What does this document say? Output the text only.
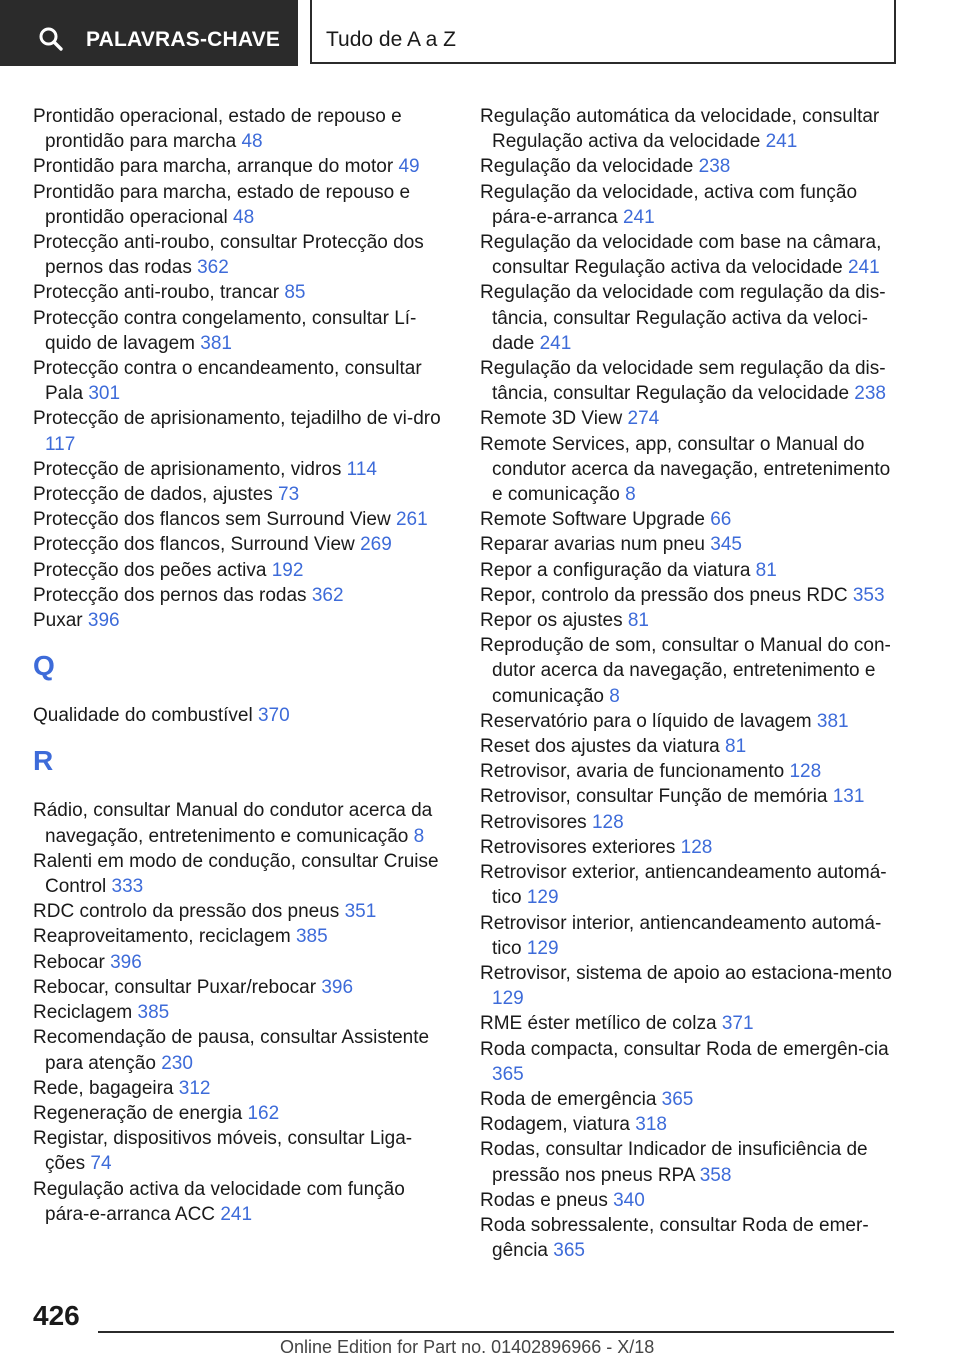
PALAVRAS-CHAVE Tudo de A a Z
Prontidão operacional, estado de repouso e prontidão para marcha 48
Prontidão para marcha, arranque do motor 49
Prontidão para marcha, estado de repouso e prontidão operacional 48
Protecção anti-roubo, consultar Protecção dos pernos das rodas 362
Protecção anti-roubo, trancar 85
Protecção contra congelamento, consultar Lí-quido de lavagem 381
Protecção contra o encandeamento, consultar Pala 301
Protecção de aprisionamento, tejadilho de vi-dro 117
Protecção de aprisionamento, vidros 114
Protecção de dados, ajustes 73
Protecção dos flancos sem Surround View 261
Protecção dos flancos, Surround View 269
Protecção dos peões activa 192
Protecção dos pernos das rodas 362
Puxar 396
Q
Qualidade do combustível 370
R
Rádio, consultar Manual do condutor acerca da navegação, entretenimento e comunicação 8
Ralenti em modo de condução, consultar Cruise Control 333
RDC controlo da pressão dos pneus 351
Reaproveitamento, reciclagem 385
Rebocar 396
Rebocar, consultar Puxar/rebocar 396
Reciclagem 385
Recomendação de pausa, consultar Assistente para atenção 230
Rede, bagageira 312
Regeneração de energia 162
Registar, dispositivos móveis, consultar Liga-ções 74
Regulação activa da velocidade com função pára-e-arranca ACC 241
Regulação automática da velocidade, consultar Regulação activa da velocidade 241
Regulação da velocidade 238
Regulação da velocidade, activa com função pára-e-arranca 241
Regulação da velocidade com base na câmara, consultar Regulação activa da velocidade 241
Regulação da velocidade com regulação da dis-tância, consultar Regulação activa da veloci-dade 241
Regulação da velocidade sem regulação da dis-tância, consultar Regulação da velocidade 238
Remote 3D View 274
Remote Services, app, consultar o Manual do condutor acerca da navegação, entretenimento e comunicação 8
Remote Software Upgrade 66
Reparar avarias num pneu 345
Repor a configuração da viatura 81
Repor, controlo da pressão dos pneus RDC 353
Repor os ajustes 81
Reprodução de som, consultar o Manual do con-dutor acerca da navegação, entretenimento e comunicação 8
Reservatório para o líquido de lavagem 381
Reset dos ajustes da viatura 81
Retrovisor, avaria de funcionamento 128
Retrovisor, consultar Função de memória 131
Retrovisores 128
Retrovisores exteriores 128
Retrovisor exterior, antiencandeamento automá-tico 129
Retrovisor interior, antiencandeamento automá-tico 129
Retrovisor, sistema de apoio ao estaciona-mento 129
RME éster metílico de colza 371
Roda compacta, consultar Roda de emergên-cia 365
Roda de emergência 365
Rodagem, viatura 318
Rodas, consultar Indicador de insuficiência de pressão nos pneus RPA 358
Rodas e pneus 340
Roda sobressalente, consultar Roda de emer-gência 365
426
Online Edition for Part no. 01402896966 - X/18
